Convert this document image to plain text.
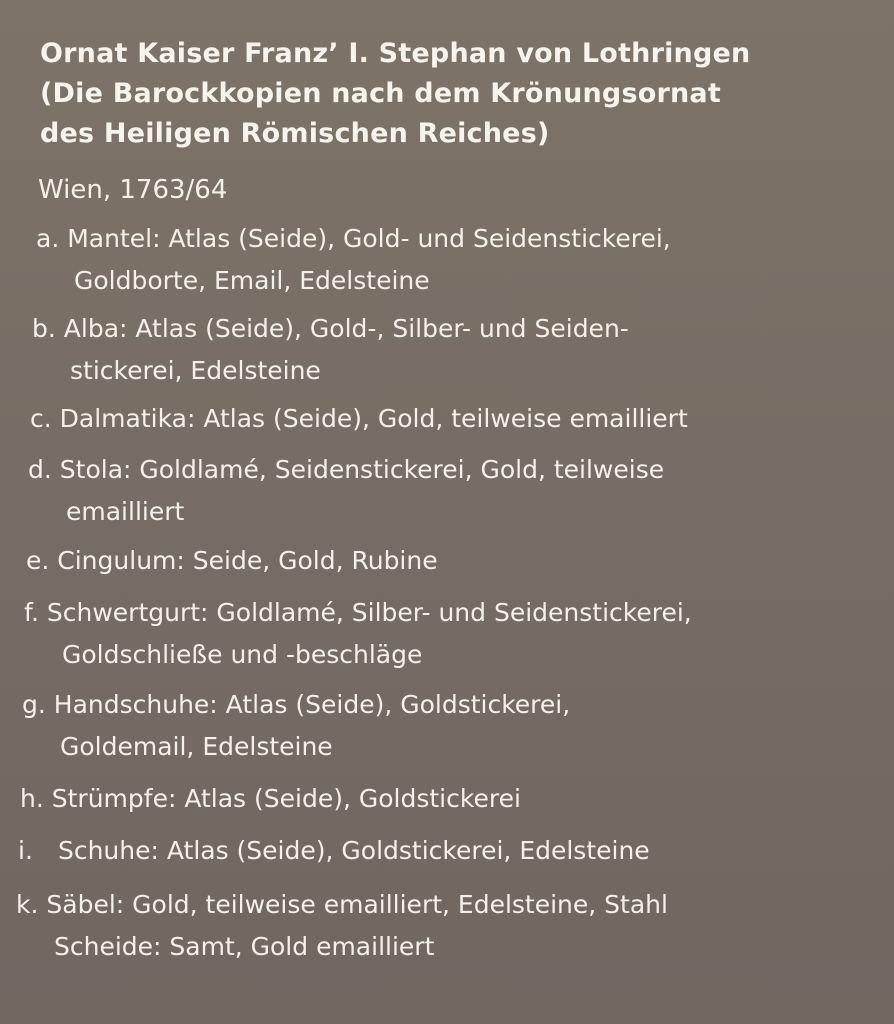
Ornat Kaiser Franz’ I. Stephan von Lothringen
(Die Barockkopien nach dem Krönungsornat
des Heiligen Römischen Reiches)
Wien, 1763/64
a. Mantel: Atlas (Seide), Gold- und Seidenstickerei,
Goldborte, Email, Edelsteine
b. Alba: Atlas (Seide), Gold-, Silber- und Seiden-
stickerei, Edelsteine
c. Dalmatika: Atlas (Seide), Gold, teilweise emailliert
d. Stola: Goldlamé, Seidenstickerei, Gold, teilweise
emailliert
e. Cingulum: Seide, Gold, Rubine
f. Schwertgurt: Goldlamé, Silber- und Seidenstickerei,
Goldschließe und -beschläge
g. Handschuhe: Atlas (Seide), Goldstickerei,
Goldemail, Edelsteine
h. Strümpfe: Atlas (Seide), Goldstickerei
i. Schuhe: Atlas (Seide), Goldstickerei, Edelsteine
k. Säbel: Gold, teilweise emailliert, Edelsteine, Stahl
Scheide: Samt, Gold emailliert
